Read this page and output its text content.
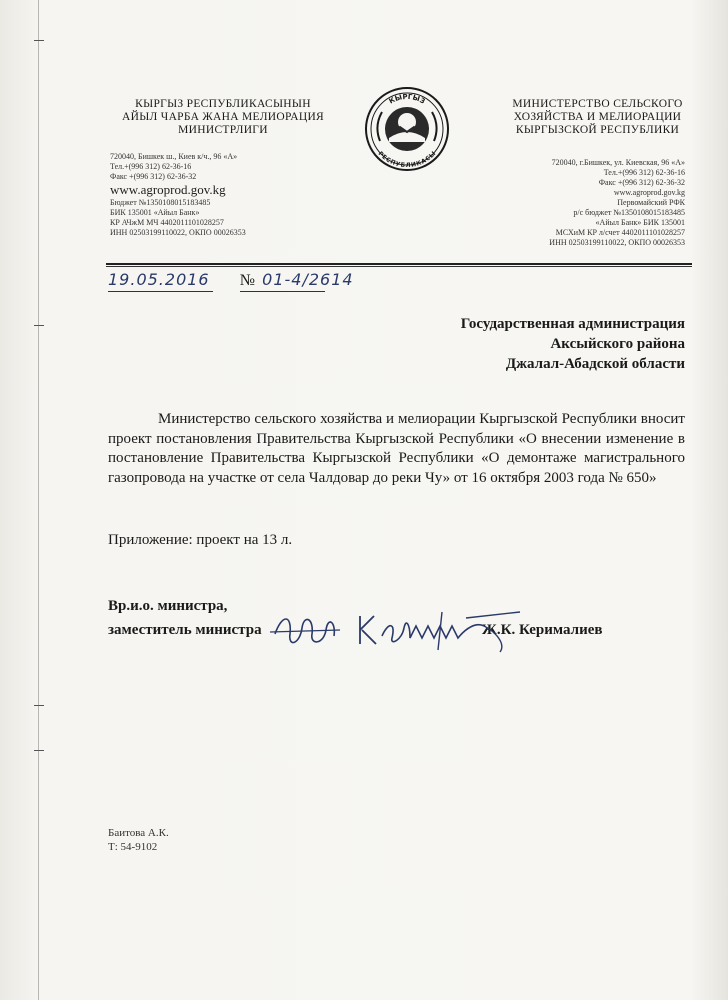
КЫРГЫЗ РЕСПУБЛИКАСЫНЫН
АЙЫЛ ЧАРБА ЖАНА МЕЛИОРАЦИЯ
МИНИСТРЛИГИ
КЫРГЫЗ
РЕСПУБЛИКАСЫ
МИНИСТЕРСТВО СЕЛЬСКОГО
ХОЗЯЙСТВА И МЕЛИОРАЦИИ
КЫРГЫЗСКОЙ РЕСПУБЛИКИ
720040, Бишкек ш., Киев к/ч., 96 «А»
Тел.+(996 312) 62-36-16
Факс +(996 312) 62-36-32
www.agroprod.gov.kg
Бюджет №1350108015183485
БИК 135001 «Айыл Банк»
КР АЧжМ МЧ 4402011101028257
ИНН 02503199110022, ОКПО 00026353
720040, г.Бишкек, ул. Киевская, 96 «А»
Тел.+(996 312) 62-36-16
Факс +(996 312) 62-36-32
www.agroprod.gov.kg
Первомайский РФК
р/с бюджет №1350108015183485
«Айыл Банк» БИК 135001
МСХиМ КР л/счет 4402011101028257
ИНН 02503199110022, ОКПО 00026353
19.05.2016 № 01-4/2614
Государственная администрация
Аксыйского района
Джалал-Абадской области
Министерство сельского хозяйства и мелиорации Кыргызской Республики вносит проект постановления Правительства Кыргызской Республики «О внесении изменение в постановление Правительства Кыргызской Республики «О демонтаже магистрального газопровода на участке от села Чалдовар до реки Чу» от 16 октября 2003 года № 650»
Приложение: проект на 13 л.
Вр.и.о. министра,
заместитель министра	Ж.К. Керималиев
Баитова А.К.
Т: 54-9102
